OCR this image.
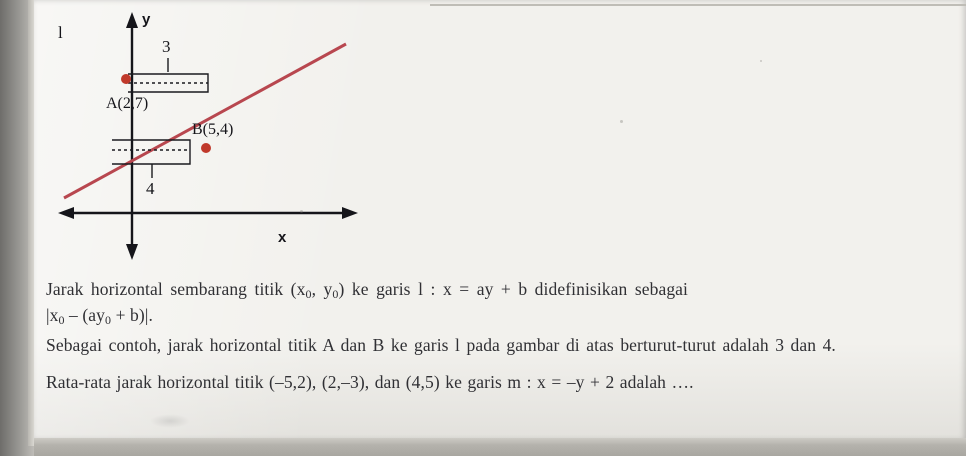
y
x
l
3
4
A(2,7)
B(5,4)
Jarak horizontal sembarang titik ($x_0$, $y_0$) ke garis l : x = ay + b didefinisikan sebagai
$|x_0 - (ay_0 + b)|$.
Sebagai contoh, jarak horizontal titik A dan B ke garis l pada gambar di atas berturut-turut adalah 3 dan 4.
Rata-rata jarak horizontal titik (–5,2), (2,–3), dan (4,5) ke garis m : x = –y + 2 adalah ….
